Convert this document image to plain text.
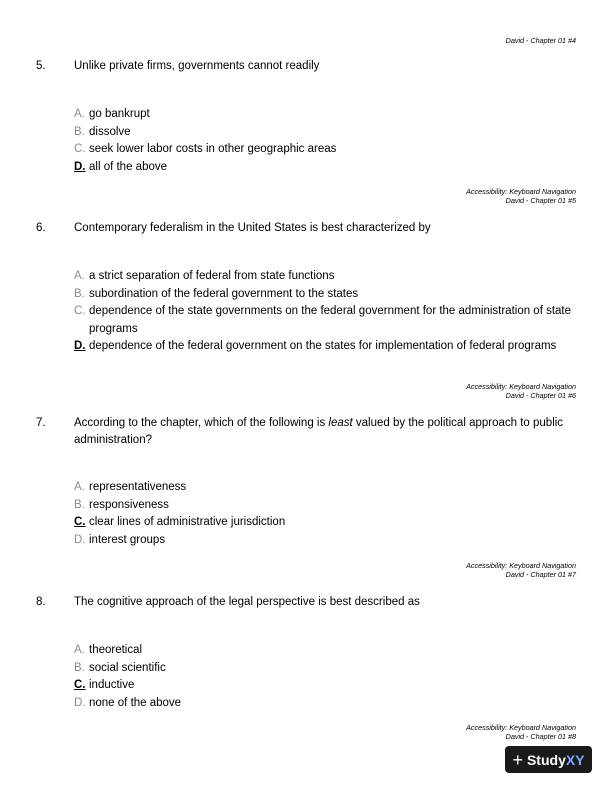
David - Chapter 01 #4
5. Unlike private firms, governments cannot readily
A. go bankrupt
B. dissolve
C. seek lower labor costs in other geographic areas
D. all of the above
Accessibility: Keyboard Navigation
David - Chapter 01 #5
6. Contemporary federalism in the United States is best characterized by
A. a strict separation of federal from state functions
B. subordination of the federal government to the states
C. dependence of the state governments on the federal government for the administration of state programs
D. dependence of the federal government on the states for implementation of federal programs
Accessibility: Keyboard Navigation
David - Chapter 01 #6
7. According to the chapter, which of the following is least valued by the political approach to public administration?
A. representativeness
B. responsiveness
C. clear lines of administrative jurisdiction
D. interest groups
Accessibility: Keyboard Navigation
David - Chapter 01 #7
8. The cognitive approach of the legal perspective is best described as
A. theoretical
B. social scientific
C. inductive
D. none of the above
Accessibility: Keyboard Navigation
David - Chapter 01 #8
+ StudyXY
